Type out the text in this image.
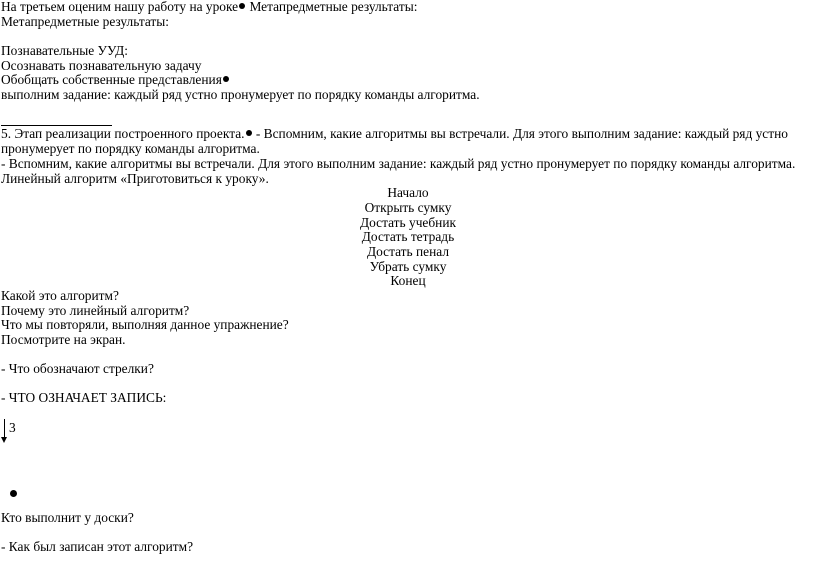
На третьем оценим нашу работу на уроке Метапредметные результаты:
Метапредметные результаты:
Познавательные УУД:
Осознавать познавательную задачу
Обобщать собственные представления
выполним задание: каждый ряд устно пронумерует по порядку команды алгоритма.
5. Этап реализации построенного проекта. - Вспомним, какие алгоритмы вы встречали. Для этого выполним задание: каждый ряд устно
пронумерует по порядку команды алгоритма.
- Вспомним, какие алгоритмы вы встречали. Для этого выполним задание: каждый ряд устно пронумерует по порядку команды алгоритма.
Линейный алгоритм «Приготовиться к уроку».
Начало
Открыть сумку
Достать учебник
Достать тетрадь
Достать пенал
Убрать сумку
Конец
Какой это алгоритм?
Почему это линейный алгоритм?
Что мы повторяли, выполняя данное упражнение?
Посмотрите на экран.
- Что обозначают стрелки?
- ЧТО ОЗНАЧАЕТ ЗАПИСЬ:
3
Кто выполнит у доски?
- Как был записан этот алгоритм?
